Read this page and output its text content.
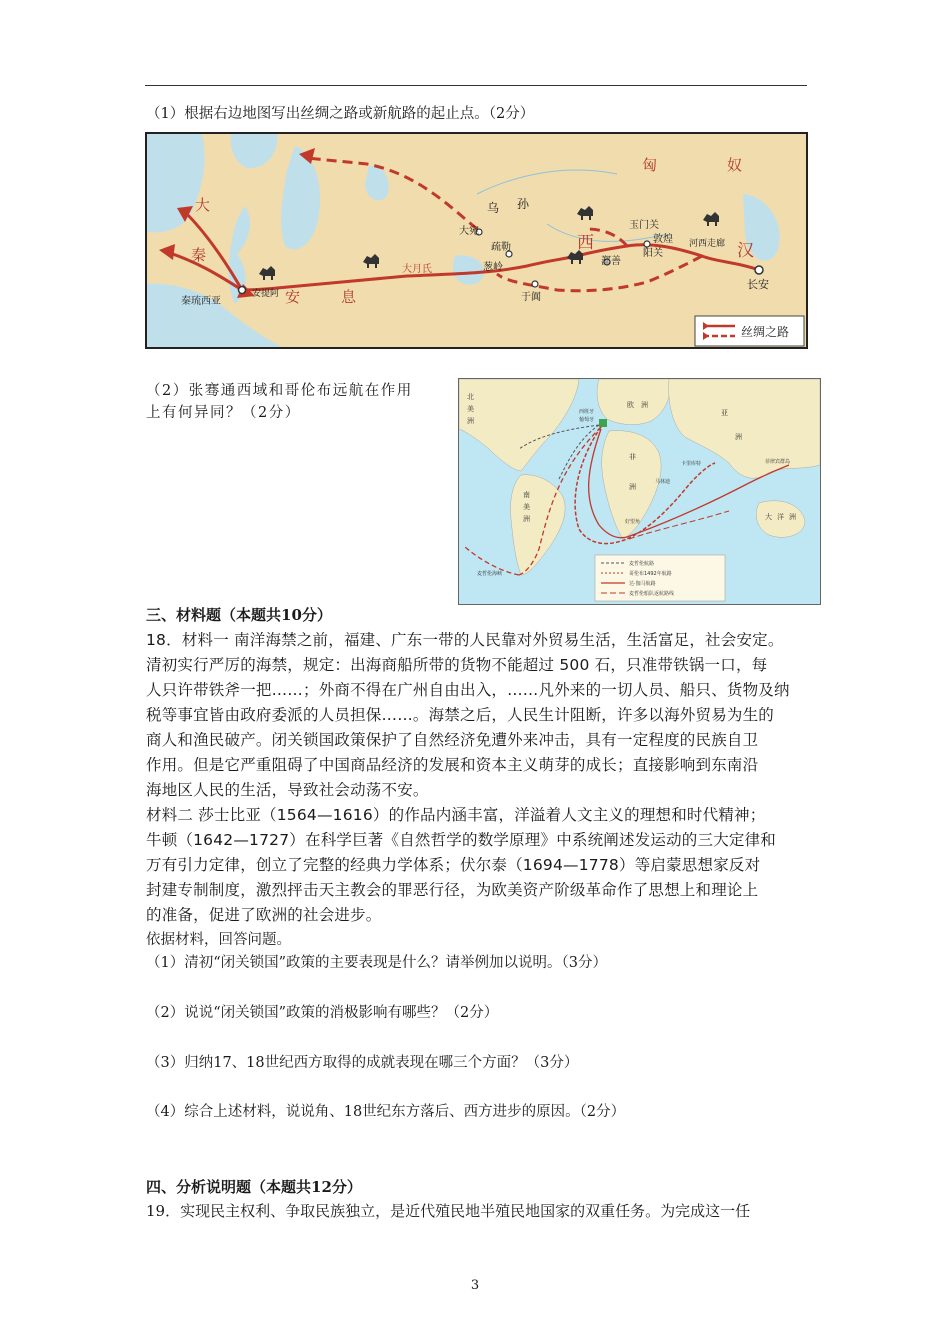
（1）根据右边地图写出丝绸之路或新航路的起止点。（2分）
匈	奴
乌 孙
大
秦
安	息
西	汉
大宛
大月氏
疏勒
葱岭
于阗
鄯善
玉门关
阳关
敦煌 河西走廊
长安
安提阿
秦琉西亚
丝绸之路
（2）张骞通西域和哥伦布远航在作用
上有何异同？（2分）
北
美
洲
南
美
洲
欧 洲
亚
洲
非
洲
大 洋 洲
西班牙
葡萄牙
卡里库特
马林迪
好望角
菲律宾群岛
麦哲伦海峡
麦哲伦航路
哥伦布1492年航路
达·伽马航路
麦哲伦船队返航路线
三、材料题（本题共10分）
18．材料一 南洋海禁之前，福建、广东一带的人民靠对外贸易生活，生活富足，社会安定。
清初实行严厉的海禁，规定：出海商船所带的货物不能超过 500 石，只准带铁锅一口，每
人只许带铁斧一把……；外商不得在广州自由出入，……凡外来的一切人员、船只、货物及纳
税等事宜皆由政府委派的人员担保……。海禁之后，人民生计阻断，许多以海外贸易为生的
商人和渔民破产。闭关锁国政策保护了自然经济免遭外来冲击，具有一定程度的民族自卫
作用。但是它严重阻碍了中国商品经济的发展和资本主义萌芽的成长；直接影响到东南沿
海地区人民的生活，导致社会动荡不安。
材料二 莎士比亚（1564—1616）的作品内涵丰富，洋溢着人文主义的理想和时代精神；
牛顿（1642—1727）在科学巨著《自然哲学的数学原理》中系统阐述发运动的三大定律和
万有引力定律，创立了完整的经典力学体系；伏尔泰（1694—1778）等启蒙思想家反对
封建专制制度，激烈抨击天主教会的罪恶行径，为欧美资产阶级革命作了思想上和理论上
的准备，促进了欧洲的社会进步。
依据材料，回答问题。
（1）清初“闭关锁国”政策的主要表现是什么？请举例加以说明。（3分）
（2）说说“闭关锁国”政策的消极影响有哪些？（2分）
（3）归纳17、18世纪西方取得的成就表现在哪三个方面？（3分）
（4）综合上述材料，说说角、18世纪东方落后、西方进步的原因。（2分）
四、分析说明题（本题共12分）
19．实现民主权利、争取民族独立，是近代殖民地半殖民地国家的双重任务。为完成这一任
3
